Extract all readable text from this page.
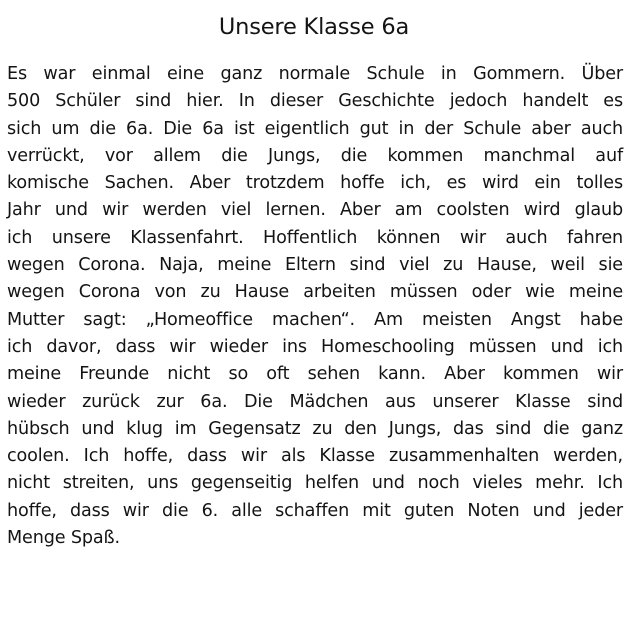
Unsere Klasse 6a
Es war einmal eine ganz normale Schule in Gommern. Über
500 Schüler sind hier. In dieser Geschichte jedoch handelt es
sich um die 6a. Die 6a ist eigentlich gut in der Schule aber auch
verrückt, vor allem die Jungs, die kommen manchmal auf
komische Sachen. Aber trotzdem hoffe ich, es wird ein tolles
Jahr und wir werden viel lernen. Aber am coolsten wird glaub
ich unsere Klassenfahrt. Hoffentlich können wir auch fahren
wegen Corona. Naja, meine Eltern sind viel zu Hause, weil sie
wegen Corona von zu Hause arbeiten müssen oder wie meine
Mutter sagt: „Homeoffice machen“. Am meisten Angst habe
ich davor, dass wir wieder ins Homeschooling müssen und ich
meine Freunde nicht so oft sehen kann. Aber kommen wir
wieder zurück zur 6a. Die Mädchen aus unserer Klasse sind
hübsch und klug im Gegensatz zu den Jungs, das sind die ganz
coolen. Ich hoffe, dass wir als Klasse zusammenhalten werden,
nicht streiten, uns gegenseitig helfen und noch vieles mehr. Ich
hoffe, dass wir die 6. alle schaffen mit guten Noten und jeder
Menge Spaß.
